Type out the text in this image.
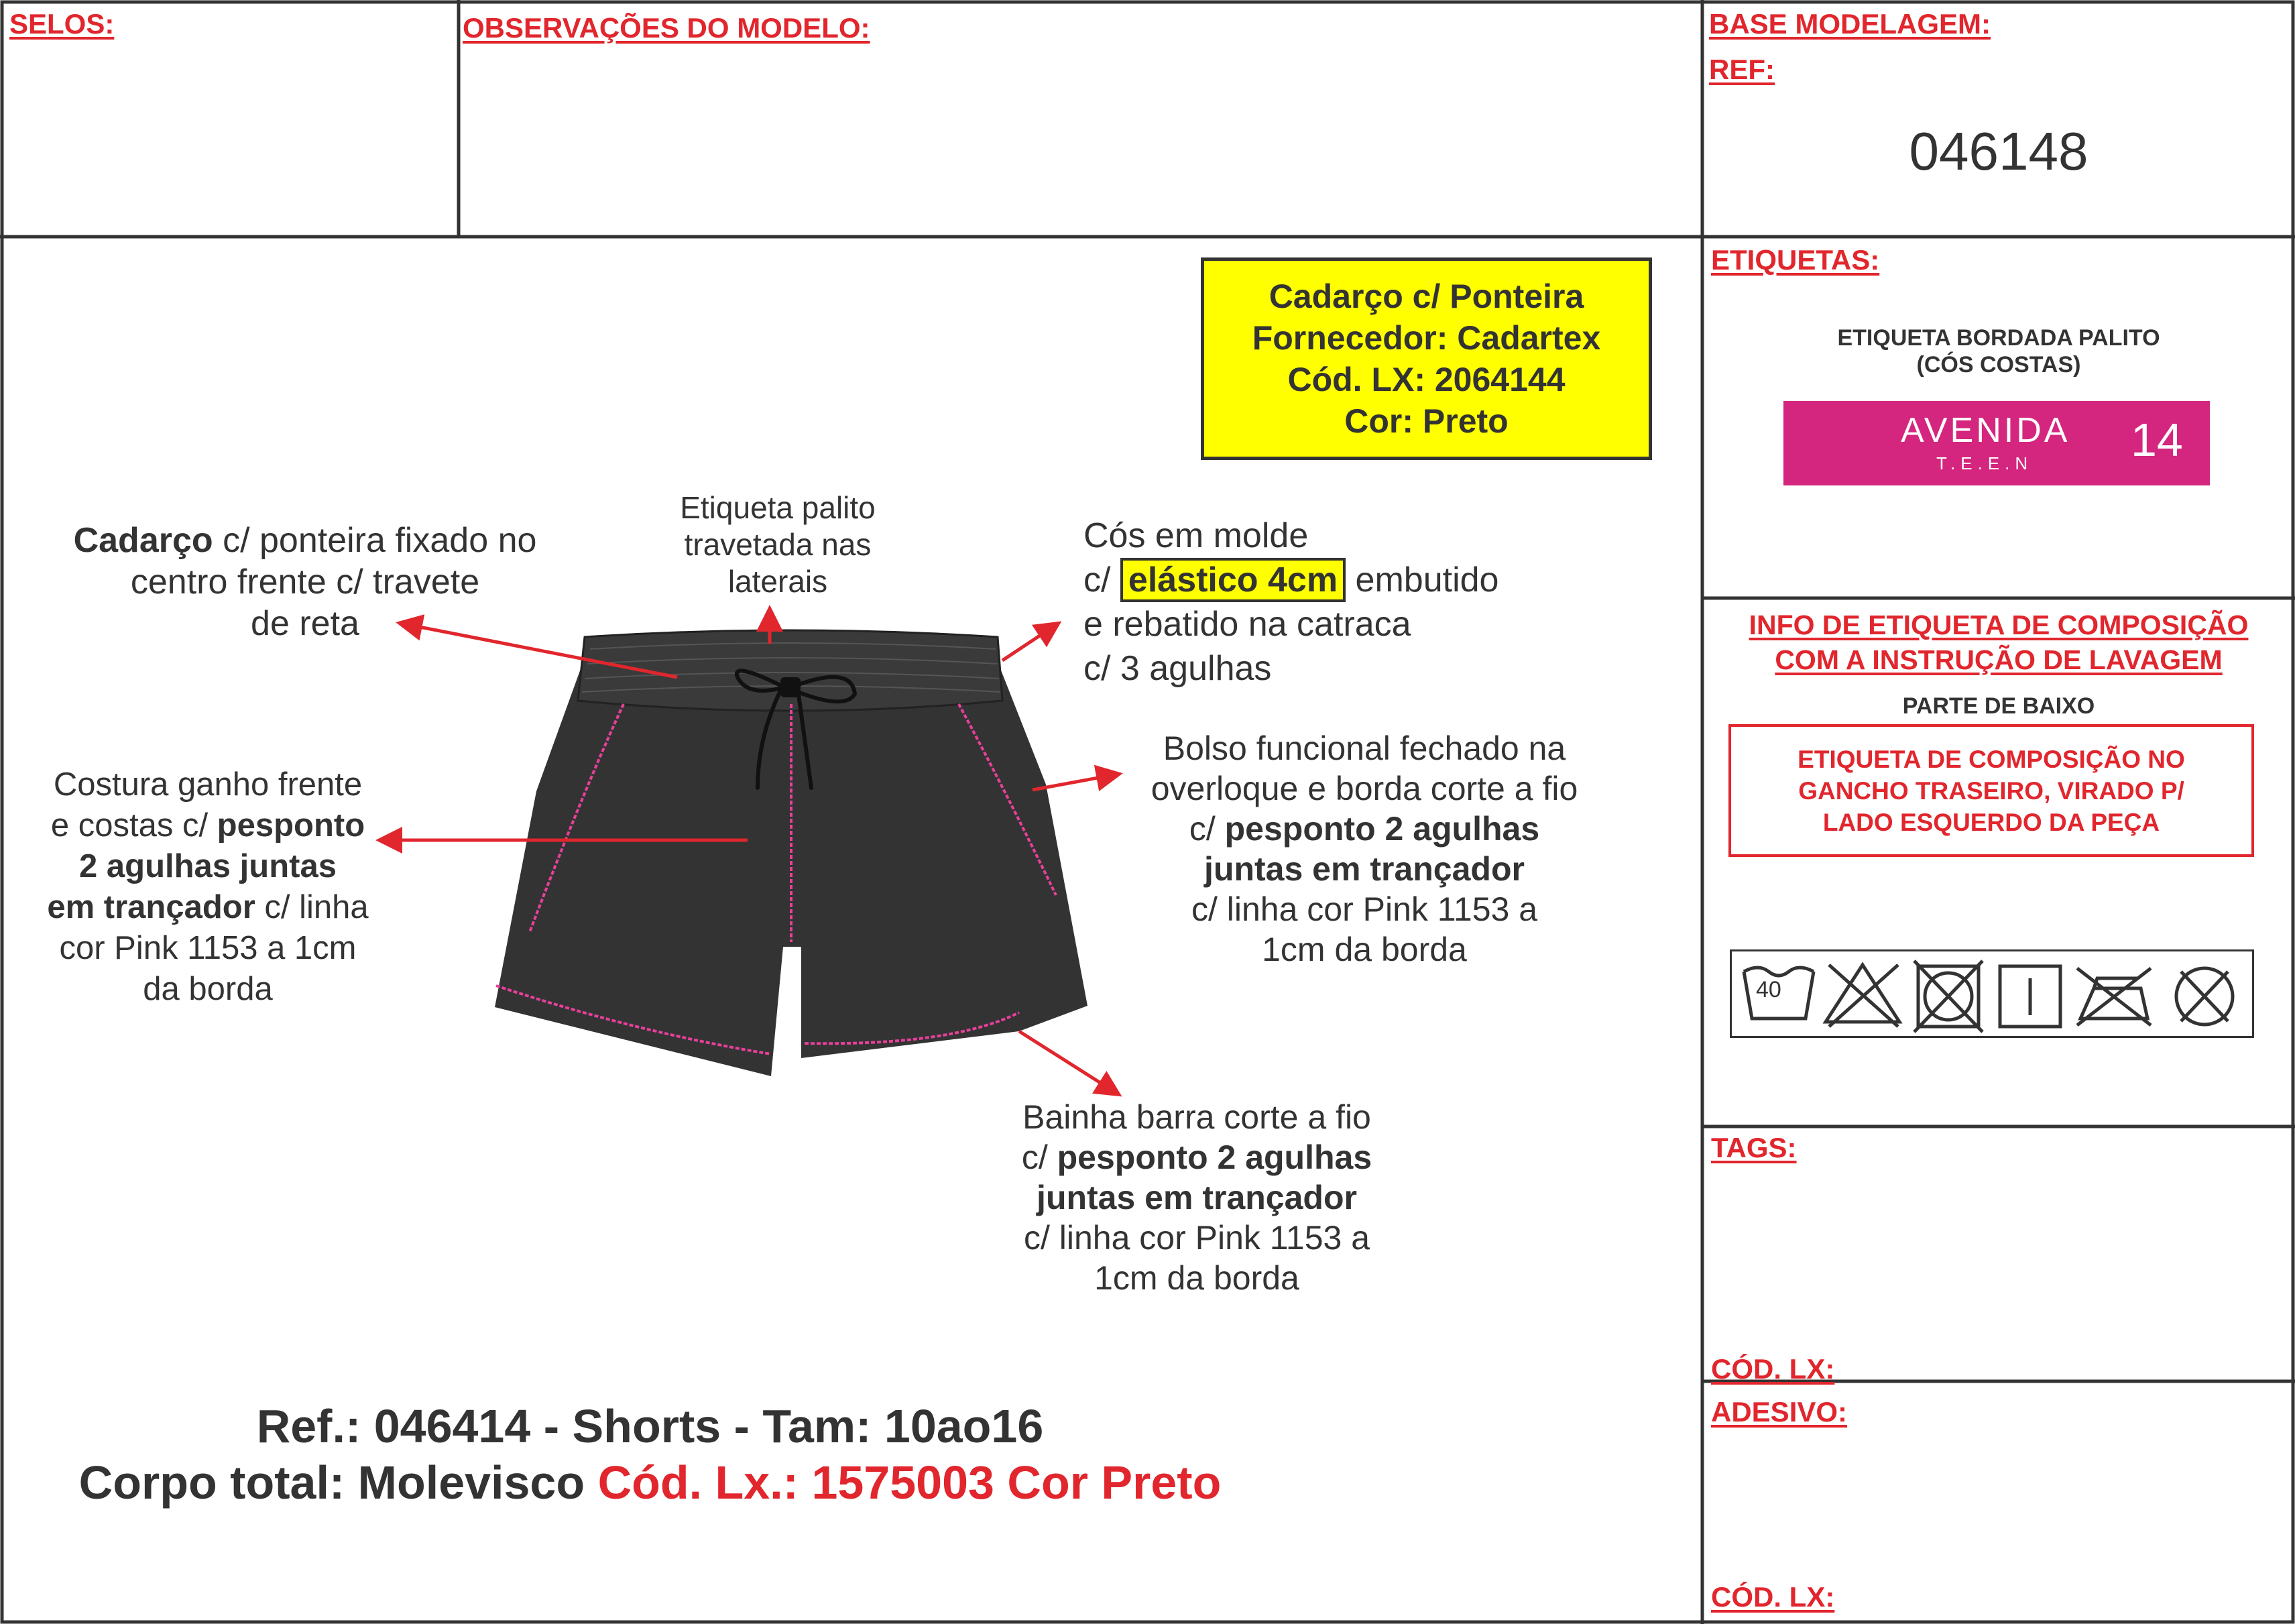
SELOS:	OBSERVAÇÕES DO MODELO:	BASE MODELAGEM:
REF:
046148
Cadarço c/ Ponteira
Fornecedor: Cadartex
Cód. LX: 2064144
Cor: Preto
Cadarço c/ ponteira fixado no
centro frente c/ travete
de reta
Etiqueta palito
travetada nas
laterais
Cós em molde
c/ elástico 4cm embutido
e rebatido na catraca
c/ 3 agulhas
Costura ganho frente
e costas c/ pesponto
2 agulhas juntas
em trançador c/ linha
cor Pink 1153 a 1cm
da borda
Bolso funcional fechado na
overloque e borda corte a fio
c/ pesponto 2 agulhas
juntas em trançador
c/ linha cor Pink 1153 a
1cm da borda
Bainha barra corte a fio
c/ pesponto 2 agulhas
juntas em trançador
c/ linha cor Pink 1153 a
1cm da borda
Ref.: 046414 - Shorts - Tam: 10ao16
Corpo total: Molevisco Cód. Lx.: 1575003 Cor Preto
ETIQUETAS:
ETIQUETA BORDADA PALITO
(CÓS COSTAS)
AVENIDA
T.E.E.N 14
INFO DE ETIQUETA DE COMPOSIÇÃO
COM A INSTRUÇÃO DE LAVAGEM
PARTE DE BAIXO
ETIQUETA DE COMPOSIÇÃO NO
GANCHO TRASEIRO, VIRADO P/
LADO ESQUERDO DA PEÇA
40
TAGS:
CÓD. LX:
ADESIVO:
CÓD. LX:
